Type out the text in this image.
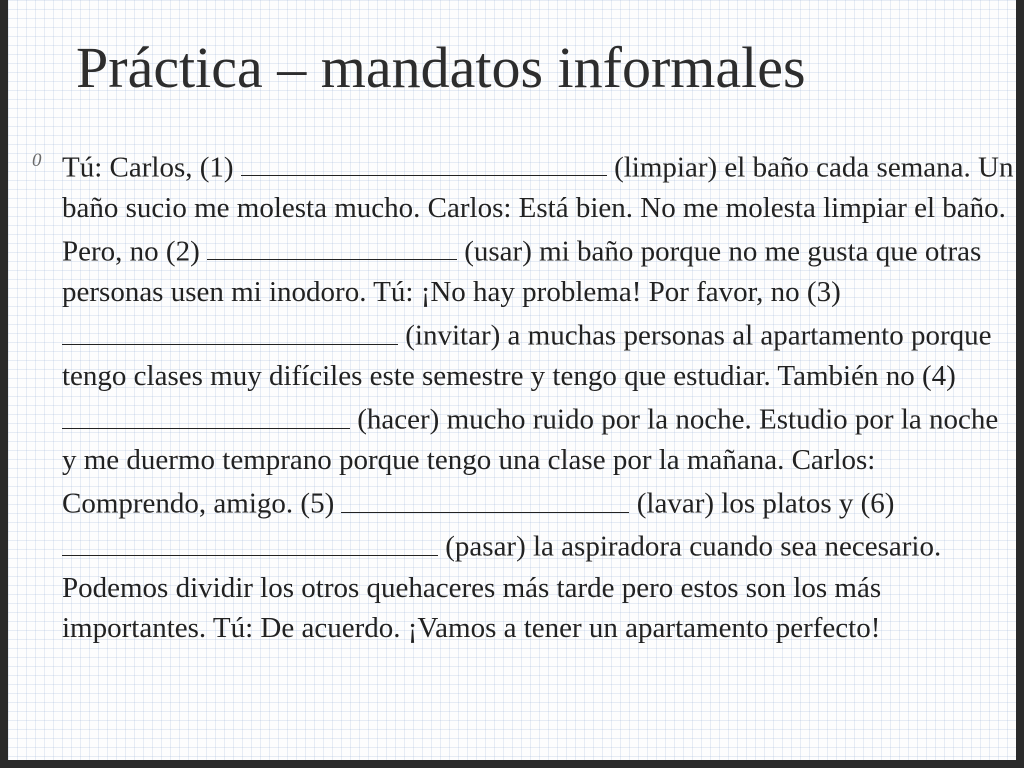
Práctica – mandatos informales
0 Tú: Carlos, (1)	(limpiar) el baño cada semana. Un baño sucio me molesta mucho. Carlos: Está bien. No me molesta limpiar el baño. Pero, no (2)	(usar) mi baño porque no me gusta que otras personas usen mi inodoro. Tú: ¡No hay problema! Por favor, no (3)  (invitar) a muchas personas al apartamento porque tengo clases muy difíciles este semestre y tengo que estudiar. También no (4)  (hacer) mucho ruido por la noche. Estudio por la noche y me duermo temprano porque tengo una clase por la mañana. Carlos: Comprendo, amigo. (5)	(lavar) los platos y (6)  (pasar) la aspiradora cuando sea necesario. Podemos dividir los otros quehaceres más tarde pero estos son los más importantes. Tú: De acuerdo. ¡Vamos a tener un apartamento perfecto!
